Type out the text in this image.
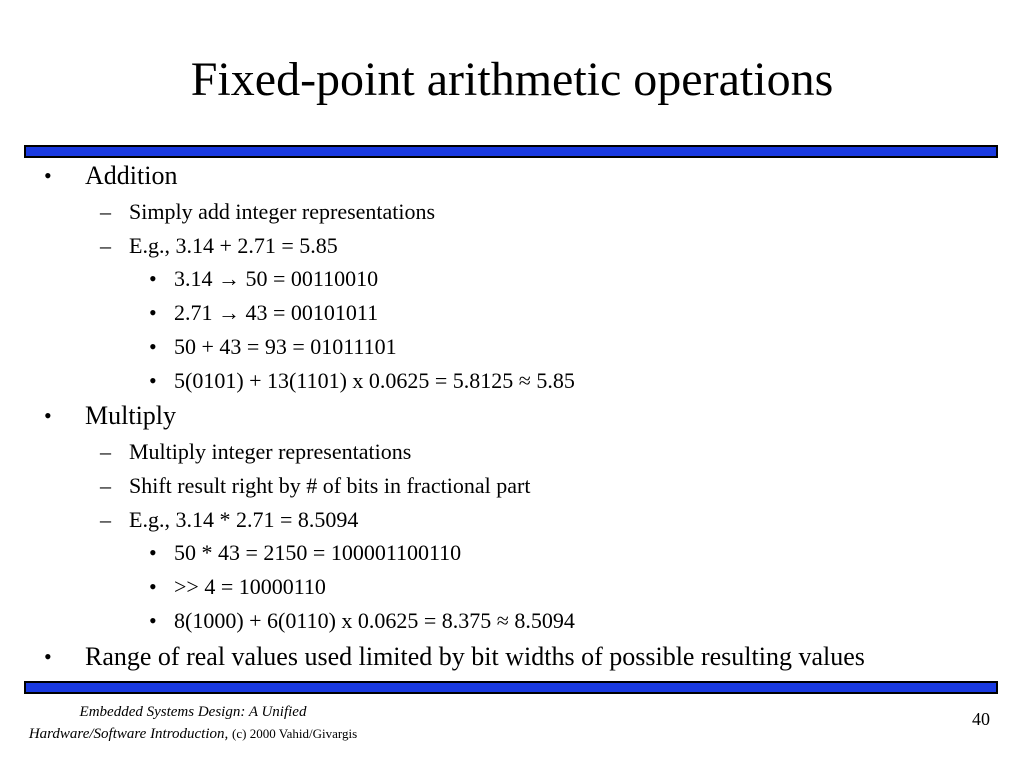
Fixed-point arithmetic operations
• Addition
– Simply add integer representations
– E.g., 3.14 + 2.71 = 5.85
• 3.14 → 50 = 00110010
• 2.71 → 43 = 00101011
• 50 + 43 = 93 = 01011101
• 5(0101) + 13(1101) x 0.0625 = 5.8125 ≈ 5.85
• Multiply
– Multiply integer representations
– Shift result right by # of bits in fractional part
– E.g., 3.14 * 2.71 = 8.5094
• 50 * 43 = 2150 = 100001100110
• >> 4 = 10000110
• 8(1000) + 6(0110) x 0.0625 = 8.375 ≈ 8.5094
• Range of real values used limited by bit widths of possible resulting values
Embedded Systems Design: A Unified
Hardware/Software Introduction, (c) 2000 Vahid/Givargis
40
